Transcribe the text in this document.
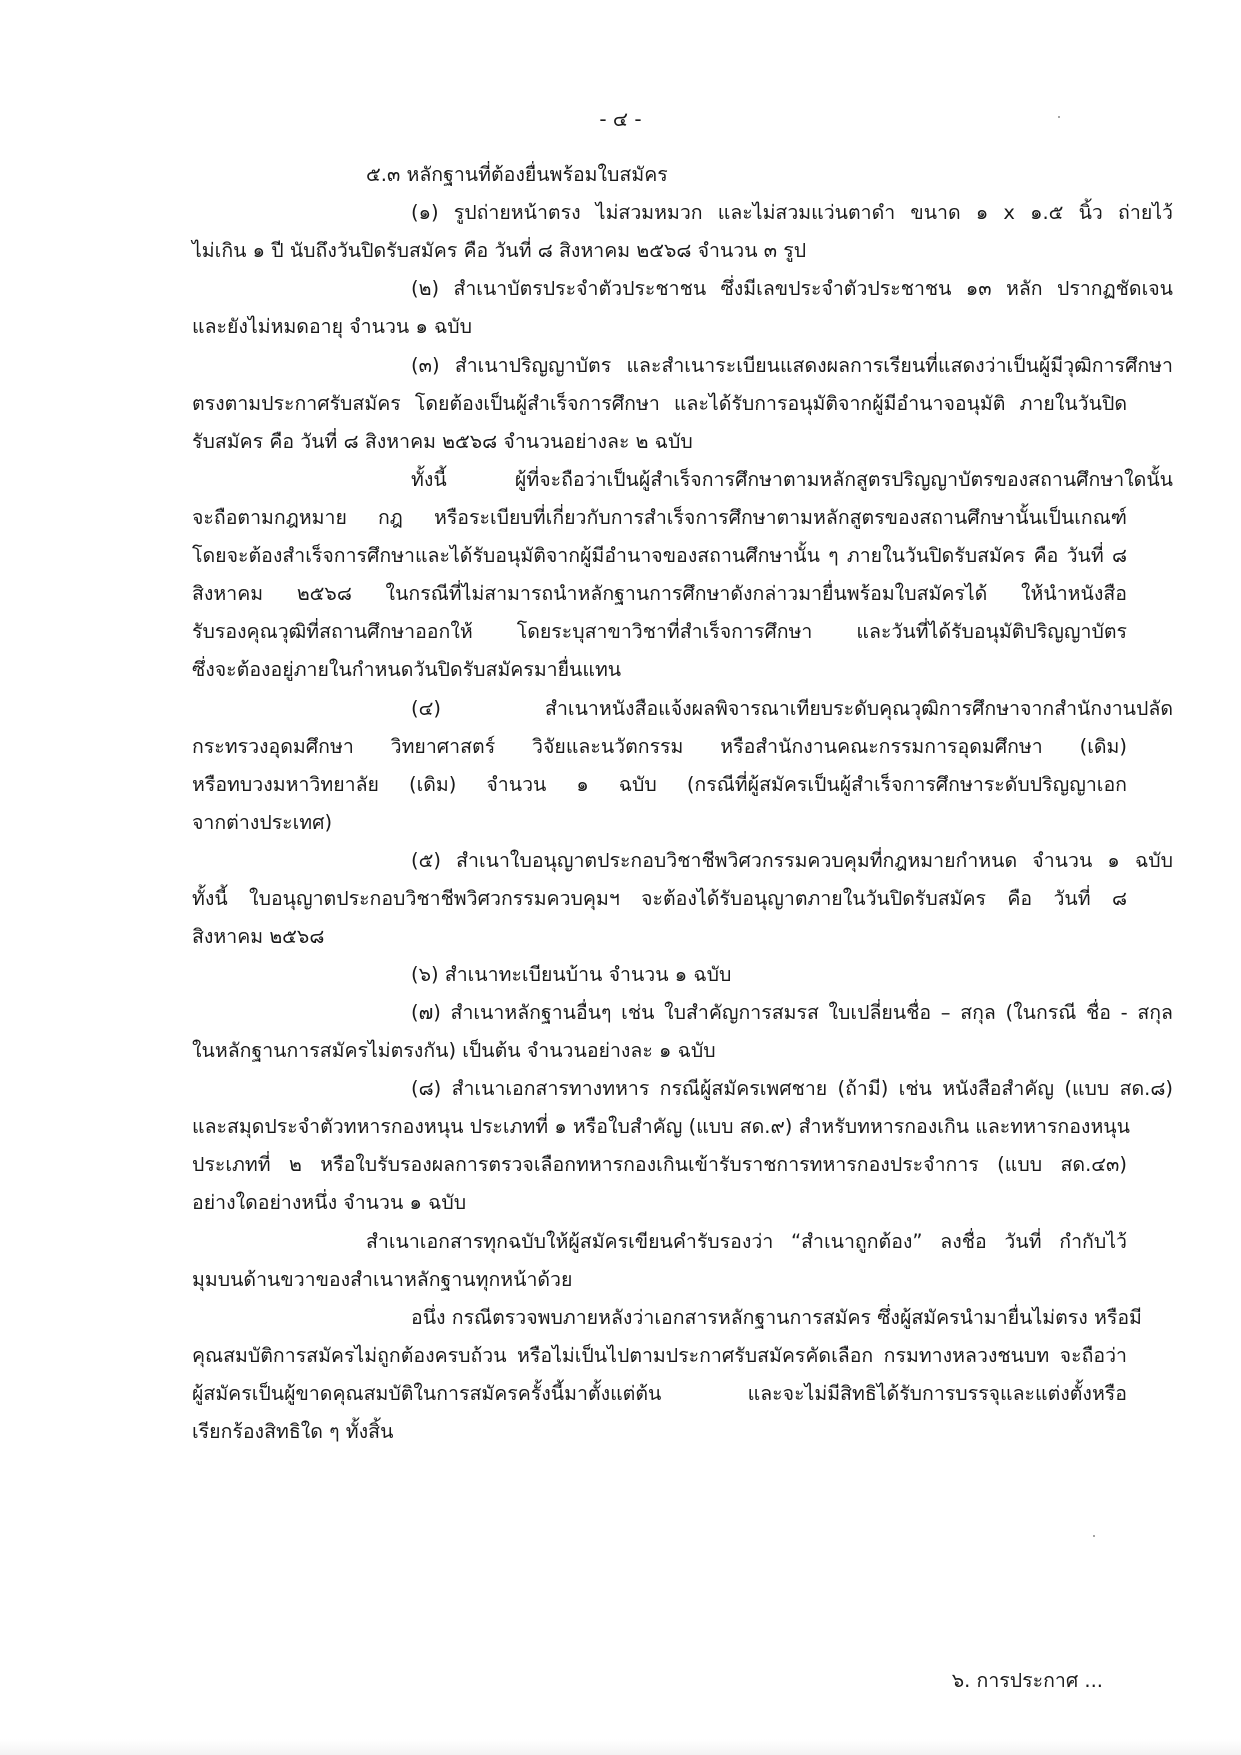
- ๔ -
๕.๓ หลักฐานที่ต้องยื่นพร้อมใบสมัคร
(๑) รูปถ่ายหน้าตรง ไม่สวมหมวก และไม่สวมแว่นตาดำ ขนาด ๑ x ๑.๕ นิ้ว ถ่ายไว้
ไม่เกิน ๑ ปี นับถึงวันปิดรับสมัคร คือ วันที่ ๘ สิงหาคม ๒๕๖๘ จำนวน ๓ รูป
(๒) สำเนาบัตรประจำตัวประชาชน ซึ่งมีเลขประจำตัวประชาชน ๑๓ หลัก ปรากฏชัดเจน
และยังไม่หมดอายุ จำนวน ๑ ฉบับ
(๓) สำเนาปริญญาบัตร และสำเนาระเบียนแสดงผลการเรียนที่แสดงว่าเป็นผู้มีวุฒิการศึกษา
ตรงตามประกาศรับสมัคร โดยต้องเป็นผู้สำเร็จการศึกษา และได้รับการอนุมัติจากผู้มีอำนาจอนุมัติ ภายในวันปิด
รับสมัคร คือ วันที่ ๘ สิงหาคม ๒๕๖๘ จำนวนอย่างละ ๒ ฉบับ
ทั้งนี้ ผู้ที่จะถือว่าเป็นผู้สำเร็จการศึกษาตามหลักสูตรปริญญาบัตรของสถานศึกษาใดนั้น
จะถือตามกฎหมาย กฎ หรือระเบียบที่เกี่ยวกับการสำเร็จการศึกษาตามหลักสูตรของสถานศึกษานั้นเป็นเกณฑ์
โดยจะต้องสำเร็จการศึกษาและได้รับอนุมัติจากผู้มีอำนาจของสถานศึกษานั้น ๆ ภายในวันปิดรับสมัคร คือ วันที่ ๘
สิงหาคม ๒๕๖๘ ในกรณีที่ไม่สามารถนำหลักฐานการศึกษาดังกล่าวมายื่นพร้อมใบสมัครได้ ให้นำหนังสือ
รับรองคุณวุฒิที่สถานศึกษาออกให้ โดยระบุสาขาวิชาที่สำเร็จการศึกษา และวันที่ได้รับอนุมัติปริญญาบัตร
ซึ่งจะต้องอยู่ภายในกำหนดวันปิดรับสมัครมายื่นแทน
(๔) สำเนาหนังสือแจ้งผลพิจารณาเทียบระดับคุณวุฒิการศึกษาจากสำนักงานปลัด
กระทรวงอุดมศึกษา วิทยาศาสตร์ วิจัยและนวัตกรรม หรือสำนักงานคณะกรรมการอุดมศึกษา (เดิม)
หรือทบวงมหาวิทยาลัย (เดิม) จำนวน ๑ ฉบับ (กรณีที่ผู้สมัครเป็นผู้สำเร็จการศึกษาระดับปริญญาเอก
จากต่างประเทศ)
(๕) สำเนาใบอนุญาตประกอบวิชาชีพวิศวกรรมควบคุมที่กฎหมายกำหนด จำนวน ๑ ฉบับ
ทั้งนี้ ใบอนุญาตประกอบวิชาชีพวิศวกรรมควบคุมฯ จะต้องได้รับอนุญาตภายในวันปิดรับสมัคร คือ วันที่ ๘
สิงหาคม ๒๕๖๘
(๖) สำเนาทะเบียนบ้าน จำนวน ๑ ฉบับ
(๗) สำเนาหลักฐานอื่นๆ เช่น ใบสำคัญการสมรส ใบเปลี่ยนชื่อ – สกุล (ในกรณี ชื่อ - สกุล
ในหลักฐานการสมัครไม่ตรงกัน) เป็นต้น จำนวนอย่างละ ๑ ฉบับ
(๘) สำเนาเอกสารทางทหาร กรณีผู้สมัครเพศชาย (ถ้ามี) เช่น หนังสือสำคัญ (แบบ สด.๘)
และสมุดประจำตัวทหารกองหนุน ประเภทที่ ๑ หรือใบสำคัญ (แบบ สด.๙) สำหรับทหารกองเกิน และทหารกองหนุน
ประเภทที่ ๒ หรือใบรับรองผลการตรวจเลือกทหารกองเกินเข้ารับราชการทหารกองประจำการ (แบบ สด.๔๓)
อย่างใดอย่างหนึ่ง จำนวน ๑ ฉบับ
สำเนาเอกสารทุกฉบับให้ผู้สมัครเขียนคำรับรองว่า “สำเนาถูกต้อง” ลงชื่อ วันที่ กำกับไว้
มุมบนด้านขวาของสำเนาหลักฐานทุกหน้าด้วย
อนึ่ง กรณีตรวจพบภายหลังว่าเอกสารหลักฐานการสมัคร ซึ่งผู้สมัครนำมายื่นไม่ตรง หรือมี
คุณสมบัติการสมัครไม่ถูกต้องครบถ้วน หรือไม่เป็นไปตามประกาศรับสมัครคัดเลือก กรมทางหลวงชนบท จะถือว่า
ผู้สมัครเป็นผู้ขาดคุณสมบัติในการสมัครครั้งนี้มาตั้งแต่ต้น และจะไม่มีสิทธิได้รับการบรรจุและแต่งตั้งหรือ
เรียกร้องสิทธิใด ๆ ทั้งสิ้น
๖. การประกาศ ...
